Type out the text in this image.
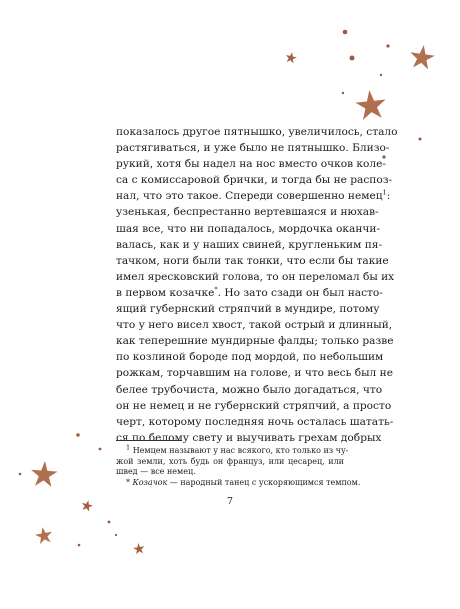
показалось другое пятнышко, увеличилось, стало
растягиваться, и уже было не пятнышко. Близо-
рукий, хотя бы надел на нос вместо очков коле-
са с комиссаровой брички, и тогда бы не распоз-
нал, что это такое. Спереди совершенно немец$^1$:
узенькая, беспрестанно вертевшаяся и нюхав-
шая все, что ни попадалось, мордочка оканчи-
валась, как и у наших свиней, кругленьким пя-
тачком, ноги были так тонки, что если бы такие
имел яресковский голова, то он переломал бы их
в первом козачке*. Но зато сзади он был насто-
ящий губернский стряпчий в мундире, потому
что у него висел хвост, такой острый и длинный,
как теперешние мундирные фалды; только разве
по козлиной бороде под мордой, по небольшим
рожкам, торчавшим на голове, и что весь был не
белее трубочиста, можно было догадаться, что
он не немец и не губернский стряпчий, а просто
черт, которому последняя ночь осталась шатать-
ся по белому свету и выучивать грехам добрых
$^1$ Немцем называют у нас всякого, кто только из чу-
жой земли, хоть будь он француз, или цесарец, или
швед — все немец.
* Козачок — народный танец с ускоряющимся темпом.
7
